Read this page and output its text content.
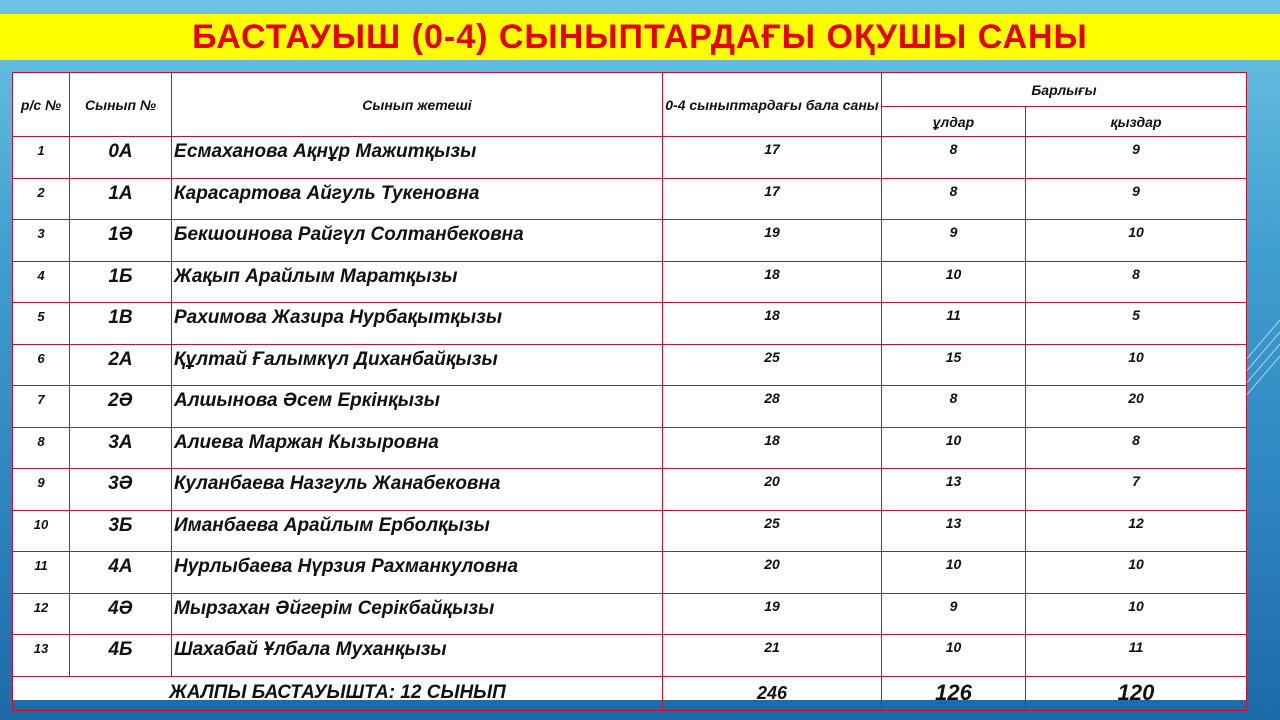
БАСТАУЫШ (0-4) СЫНЫПТАРДАҒЫ ОҚУШЫ САНЫ
р/с №	Сынып №	Сынып жетеші	0-4 сыныптардағы бала саны	Барлығы	
				ұлдар	қыздар
1	0А	Есмаханова Ақнұр Мажитқызы	17	8	9
2	1А	Карасартова Айгуль Тукеновна	17	8	9
3	1Ә	Бекшоинова Райгүл Солтанбековна	19	9	10
4	1Б	Жақып Арайлым Маратқызы	18	10	8
5	1В	Рахимова Жазира Нурбақытқызы	18	11	5
6	2А	Құлтай Ғалымкүл Диханбайқызы	25	15	10
7	2Ә	Алшынова Әсем Еркінқызы	28	8	20
8	3А	Алиева Маржан Кызыровна	18	10	8
9	3Ә	Куланбаева Назгуль Жанабековна	20	13	7
10	3Б	Иманбаева Арайлым Ерболқызы	25	13	12
11	4А	Нурлыбаева Нүрзия Рахманкуловна	20	10	10
12	4Ә	Мырзахан Әйгерім Серікбайқызы	19	9	10
13	4Б	Шахабай Ұлбала Муханқызы	21	10	11
ЖАЛПЫ БАСТАУЫШТА: 12 СЫНЫП			246	126	120
